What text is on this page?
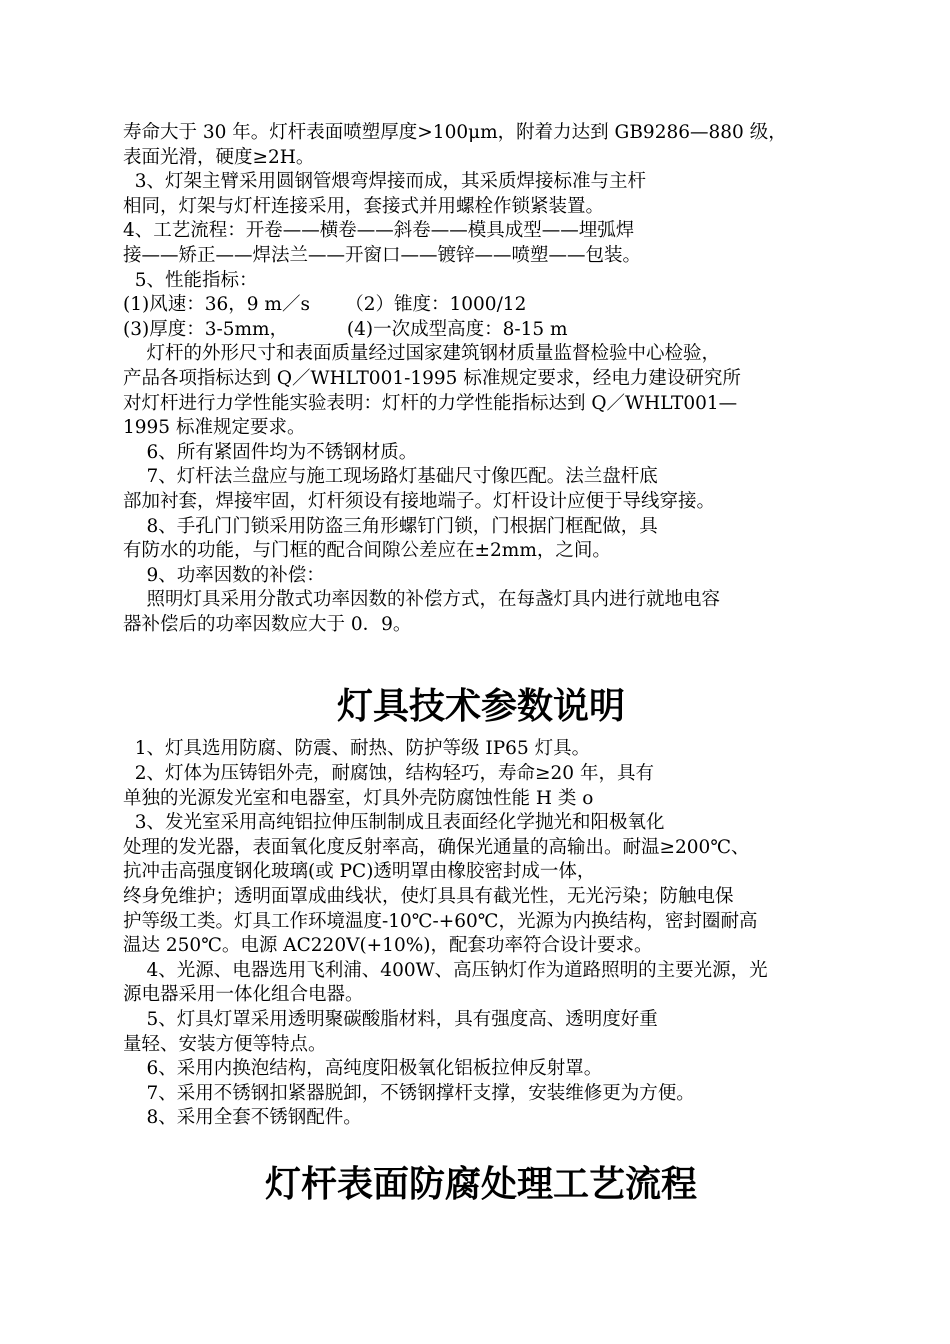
寿命大于 30 年。灯杆表面喷塑厚度>100μm，附着力达到 GB9286—880 级，
表面光滑，硬度≥2H。
3、灯架主臂采用圆钢管煨弯焊接而成，其采质焊接标准与主杆
相同，灯架与灯杆连接采用，套接式并用螺栓作锁紧装置。
4、工艺流程：开卷——横卷——斜卷——模具成型——埋弧焊
接——矫正——焊法兰——开窗口——镀锌——喷塑——包装。
5、性能指标：
(1)风速：36，9 m／s      （2）锥度：1000/12
(3)厚度：3-5mm，          (4)一次成型高度：8-15 m
灯杆的外形尺寸和表面质量经过国家建筑钢材质量监督检验中心检验，
产品各项指标达到 Q／WHLT001-1995 标准规定要求，经电力建设研究所
对灯杆进行力学性能实验表明：灯杆的力学性能指标达到 Q／WHLT001—
1995 标准规定要求。
6、所有紧固件均为不锈钢材质。
7、灯杆法兰盘应与施工现场路灯基础尺寸像匹配。法兰盘杆底
部加衬套，焊接牢固，灯杆须设有接地端子。灯杆设计应便于导线穿接。
8、手孔门门锁采用防盗三角形螺钉门锁，门根据门框配做，具
有防水的功能，与门框的配合间隙公差应在±2mm，之间。
9、功率因数的补偿：
照明灯具采用分散式功率因数的补偿方式，在每盏灯具内进行就地电容
器补偿后的功率因数应大于 0．9。
灯具技术参数说明
1、灯具选用防腐、防震、耐热、防护等级 IP65 灯具。
2、灯体为压铸铝外壳，耐腐蚀，结构轻巧，寿命≥20 年，具有
单独的光源发光室和电器室，灯具外壳防腐蚀性能 H 类 o
3、发光室采用高纯铝拉伸压制制成且表面经化学抛光和阳极氧化
处理的发光器，表面氧化度反射率高，确保光通量的高输出。耐温≥200℃、
抗冲击高强度钢化玻璃(或 PC)透明罩由橡胶密封成一体，
终身免维护；透明面罩成曲线状，使灯具具有截光性，无光污染；防触电保
护等级工类。灯具工作环境温度-10℃-+60℃，光源为内换结构，密封圈耐高
温达 250℃。电源 AC220V(+10%)，配套功率符合设计要求。
4、光源、电器选用飞利浦、400W、高压钠灯作为道路照明的主要光源，光
源电器采用一体化组合电器。
5、灯具灯罩采用透明聚碳酸脂材料，具有强度高、透明度好重
量轻、安装方便等特点。
6、采用内换泡结构，高纯度阳极氧化铝板拉伸反射罩。
7、采用不锈钢扣紧器脱卸，不锈钢撑杆支撑，安装维修更为方便。
8、采用全套不锈钢配件。
灯杆表面防腐处理工艺流程
